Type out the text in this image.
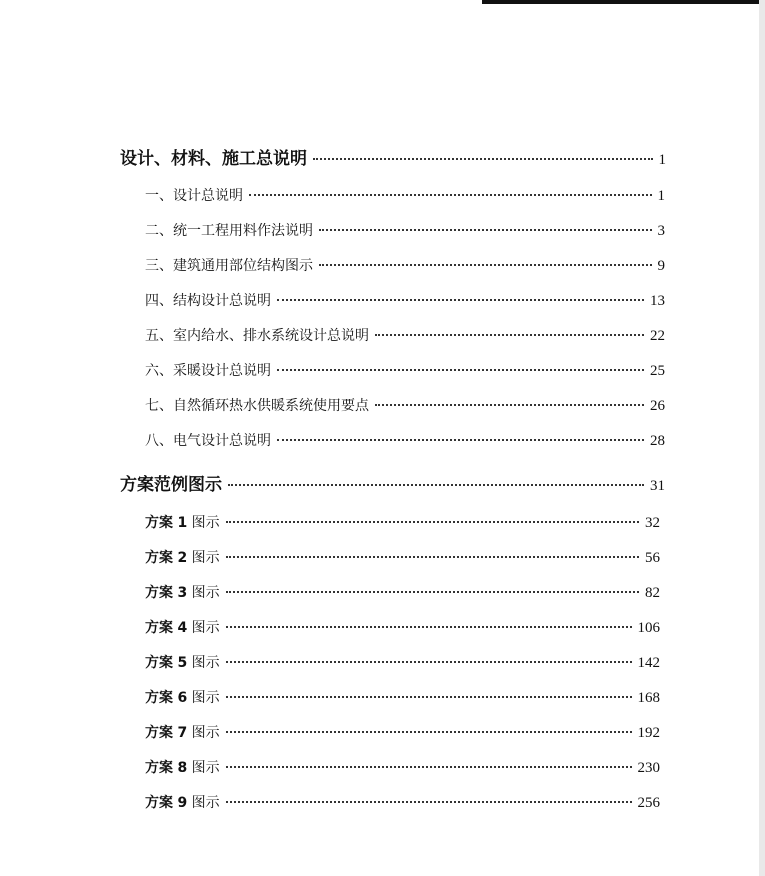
设计、材料、施工总说明	1
一、设计总说明	1
二、统一工程用料作法说明	3
三、建筑通用部位结构图示	9
四、结构设计总说明	13
五、室内给水、排水系统设计总说明	22
六、采暖设计总说明	25
七、自然循环热水供暖系统使用要点	26
八、电气设计总说明	28
方案范例图示	31
方案 1 图示	32
方案 2 图示	56
方案 3 图示	82
方案 4 图示	106
方案 5 图示	142
方案 6 图示	168
方案 7 图示	192
方案 8 图示	230
方案 9 图示	256
